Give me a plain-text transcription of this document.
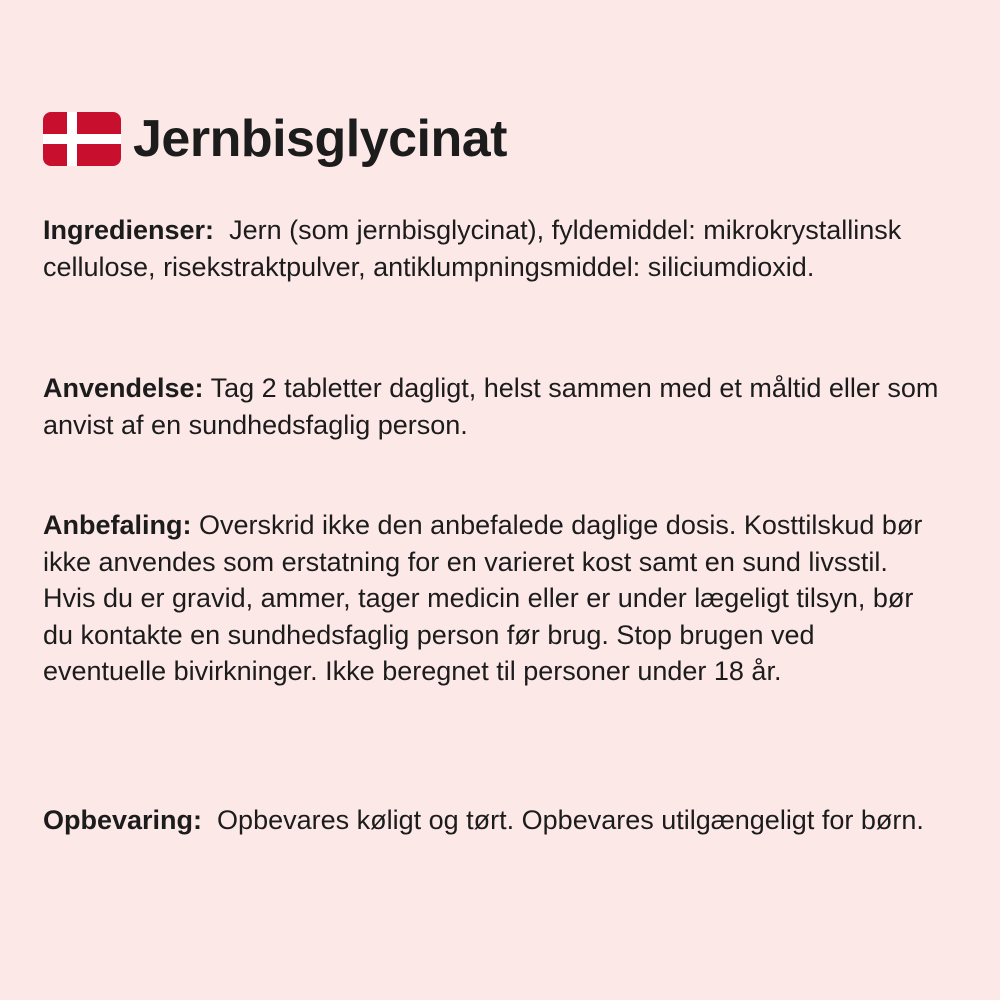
Jernbisglycinat

Ingredienser: Jern (som jernbisglycinat), fyldemiddel: mikrokrystallinsk cellulose, risekstraktpulver, antiklumpningsmiddel: siliciumdioxid.

Anvendelse: Tag 2 tabletter dagligt, helst sammen med et måltid eller som anvist af en sundhedsfaglig person.

Anbefaling: Overskrid ikke den anbefalede daglige dosis. Kosttilskud bør ikke anvendes som erstatning for en varieret kost samt en sund livsstil. Hvis du er gravid, ammer, tager medicin eller er under lægeligt tilsyn, bør du kontakte en sundhedsfaglig person før brug. Stop brugen ved eventuelle bivirkninger. Ikke beregnet til personer under 18 år.

Opbevaring: Opbevares køligt og tørt. Opbevares utilgængeligt for børn.
